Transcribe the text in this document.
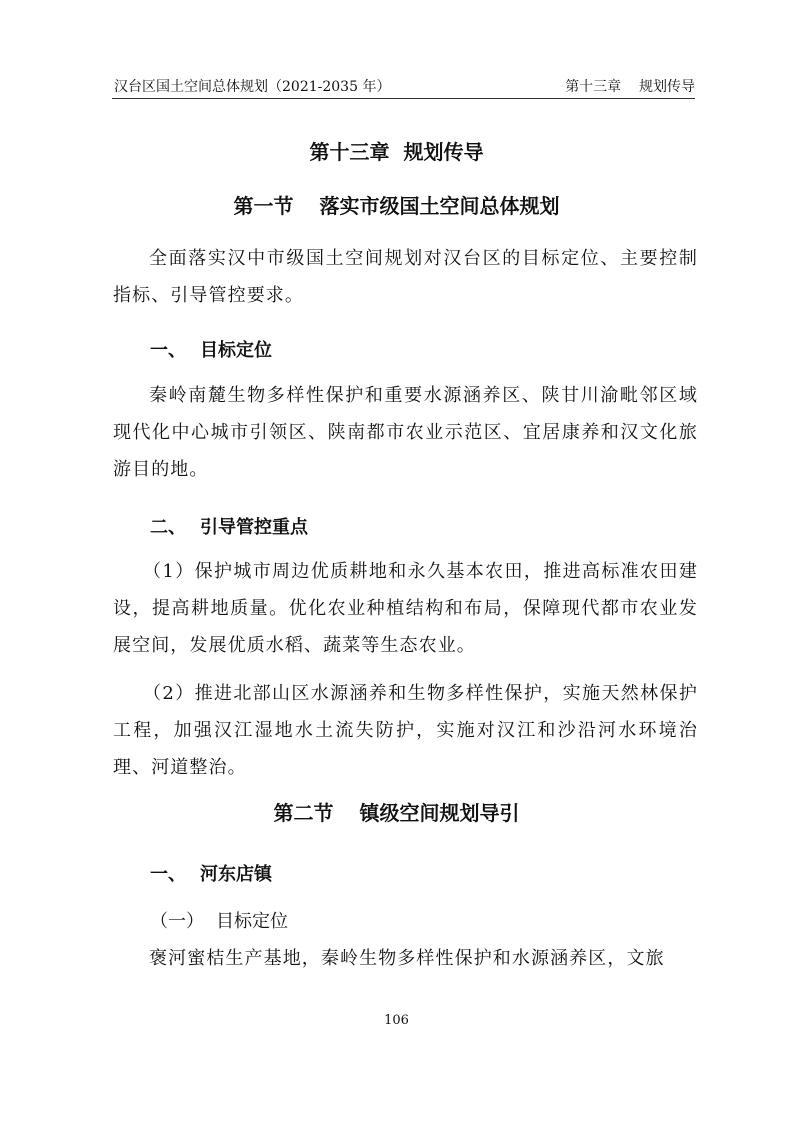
汉台区国土空间总体规划（2021-2035 年）	第十三章    规划传导
第十三章  规划传导
第一节 落实市级国土空间总体规划
全面落实汉中市级国土空间规划对汉台区的目标定位、主要控制指标、引导管控要求。
一、 目标定位
秦岭南麓生物多样性保护和重要水源涵养区、陕甘川渝毗邻区域现代化中心城市引领区、陕南都市农业示范区、宜居康养和汉文化旅游目的地。
二、 引导管控重点
（1）保护城市周边优质耕地和永久基本农田，推进高标准农田建设，提高耕地质量。优化农业种植结构和布局，保障现代都市农业发展空间，发展优质水稻、蔬菜等生态农业。
（2）推进北部山区水源涵养和生物多样性保护，实施天然林保护工程，加强汉江湿地水土流失防护，实施对汉江和沙沿河水环境治理、河道整治。
第二节 镇级空间规划导引
一、 河东店镇
（一） 目标定位
褒河蜜桔生产基地，秦岭生物多样性保护和水源涵养区，文旅
106
